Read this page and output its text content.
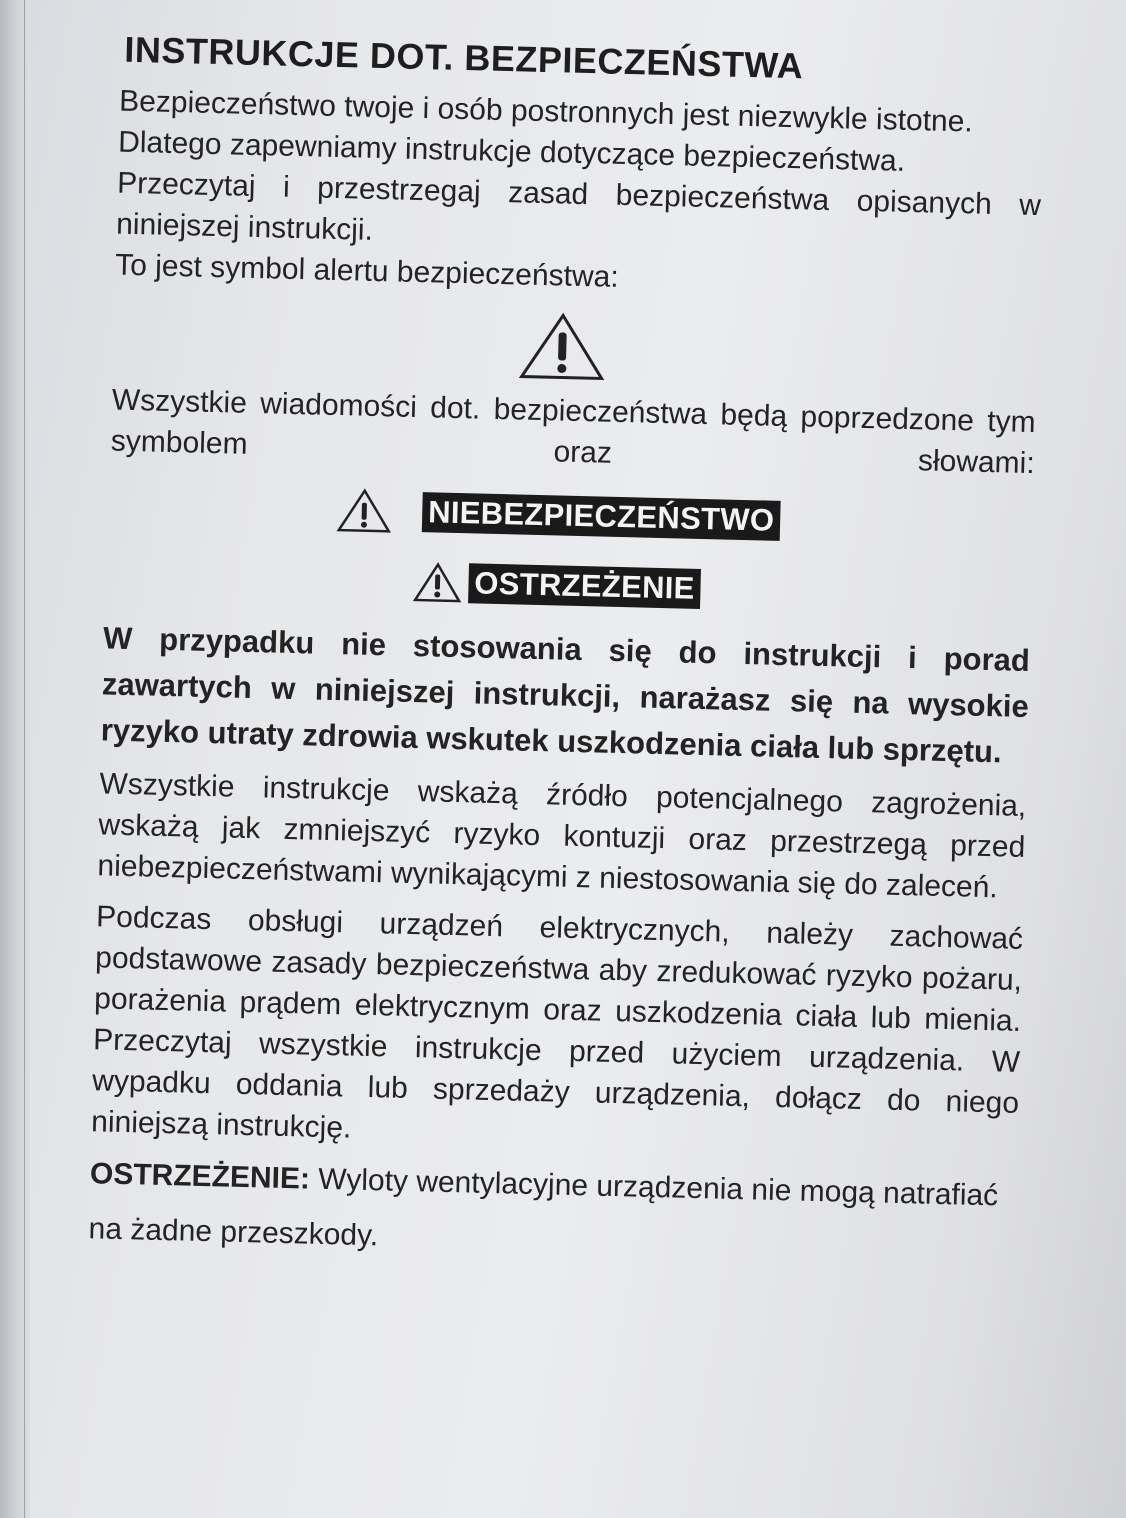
INSTRUKCJE DOT. BEZPIECZEŃSTWA

Bezpieczeństwo twoje i osób postronnych jest niezwykle istotne.

Dlatego zapewniamy instrukcje dotyczące bezpieczeństwa.

Przeczytaj i przestrzegaj zasad bezpieczeństwa opisanych w niniejszej instrukcji.

To jest symbol alertu bezpieczeństwa:

Wszystkie wiadomości dot. bezpieczeństwa będą poprzedzone tym symbolem oraz słowami:

NIEBEZPIECZEŃSTWO
OSTRZEŻENIE

W przypadku nie stosowania się do instrukcji i porad zawartych w niniejszej instrukcji, narażasz się na wysokie ryzyko utraty zdrowia wskutek uszkodzenia ciała lub sprzętu.

Wszystkie instrukcje wskażą źródło potencjalnego zagrożenia, wskażą jak zmniejszyć ryzyko kontuzji oraz przestrzegą przed niebezpieczeństwami wynikającymi z niestosowania się do zaleceń.

Podczas obsługi urządzeń elektrycznych, należy zachować podstawowe zasady bezpieczeństwa aby zredukować ryzyko pożaru, porażenia prądem elektrycznym oraz uszkodzenia ciała lub mienia. Przeczytaj wszystkie instrukcje przed użyciem urządzenia. W wypadku oddania lub sprzedaży urządzenia, dołącz do niego niniejszą instrukcję.

OSTRZEŻENIE: Wyloty wentylacyjne urządzenia nie mogą natrafiać na żadne przeszkody.
